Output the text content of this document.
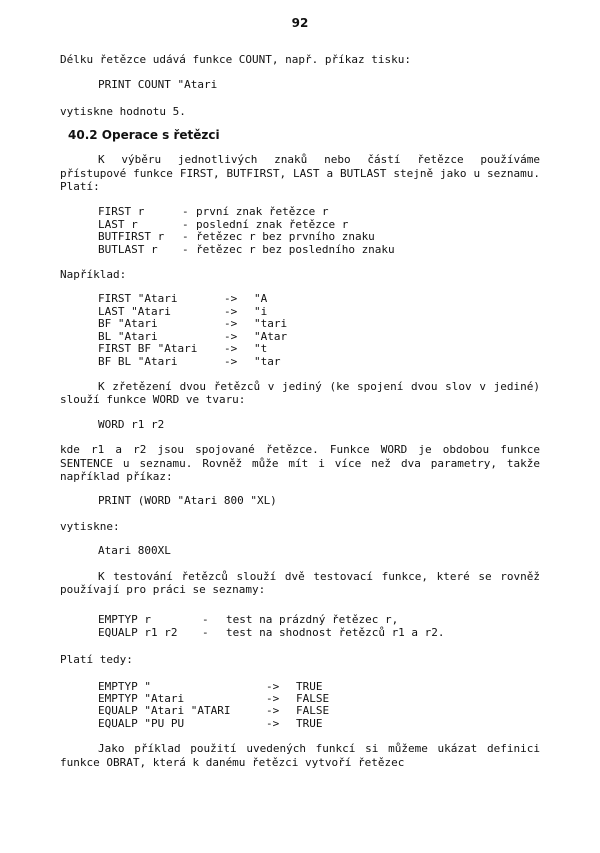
92

Délku řetězce udává funkce COUNT, např. příkaz tisku:

PRINT COUNT "Atari

vytiskne hodnotu 5.

40.2 Operace s řetězci

K výběru jednotlivých znaků nebo částí řetězce používáme přístupové funkce FIRST, BUTFIRST, LAST a BUTLAST stejně jako u seznamu. Platí:

FIRST r	-	první znak řetězce r
LAST r	-	poslední znak řetězce r
BUTFIRST r	-	řetězec r bez prvního znaku
BUTLAST r	-	řetězec r bez posledního znaku

Například:

FIRST "Atari	->	"A
LAST "Atari	->	"i
BF "Atari	->	"tari
BL "Atari	->	"Atar
FIRST BF "Atari	->	"t
BF BL "Atari	->	"tar

K zřetězení dvou řetězců v jediný (ke spojení dvou slov v jediné) slouží funkce WORD ve tvaru:

WORD r1 r2

kde r1 a r2 jsou spojované řetězce. Funkce WORD je obdobou funkce SENTENCE u seznamu. Rovněž může mít i více než dva parametry, takže například příkaz:

PRINT (WORD "Atari 800 "XL)

vytiskne:

Atari 800XL

K testování řetězců slouží dvě testovací funkce, které se rovněž používají pro práci se seznamy:

EMPTYP r	-	test na prázdný řetězec r,
EQUALP r1 r2	-	test na shodnost řetězců r1 a r2.

Platí tedy:

EMPTYP "	->	TRUE
EMPTYP "Atari	->	FALSE
EQUALP "Atari "ATARI	->	FALSE
EQUALP "PU PU	->	TRUE

Jako příklad použití uvedených funkcí si můžeme ukázat definici funkce OBRAT, která k danému řetězci vytvoří řetězec
